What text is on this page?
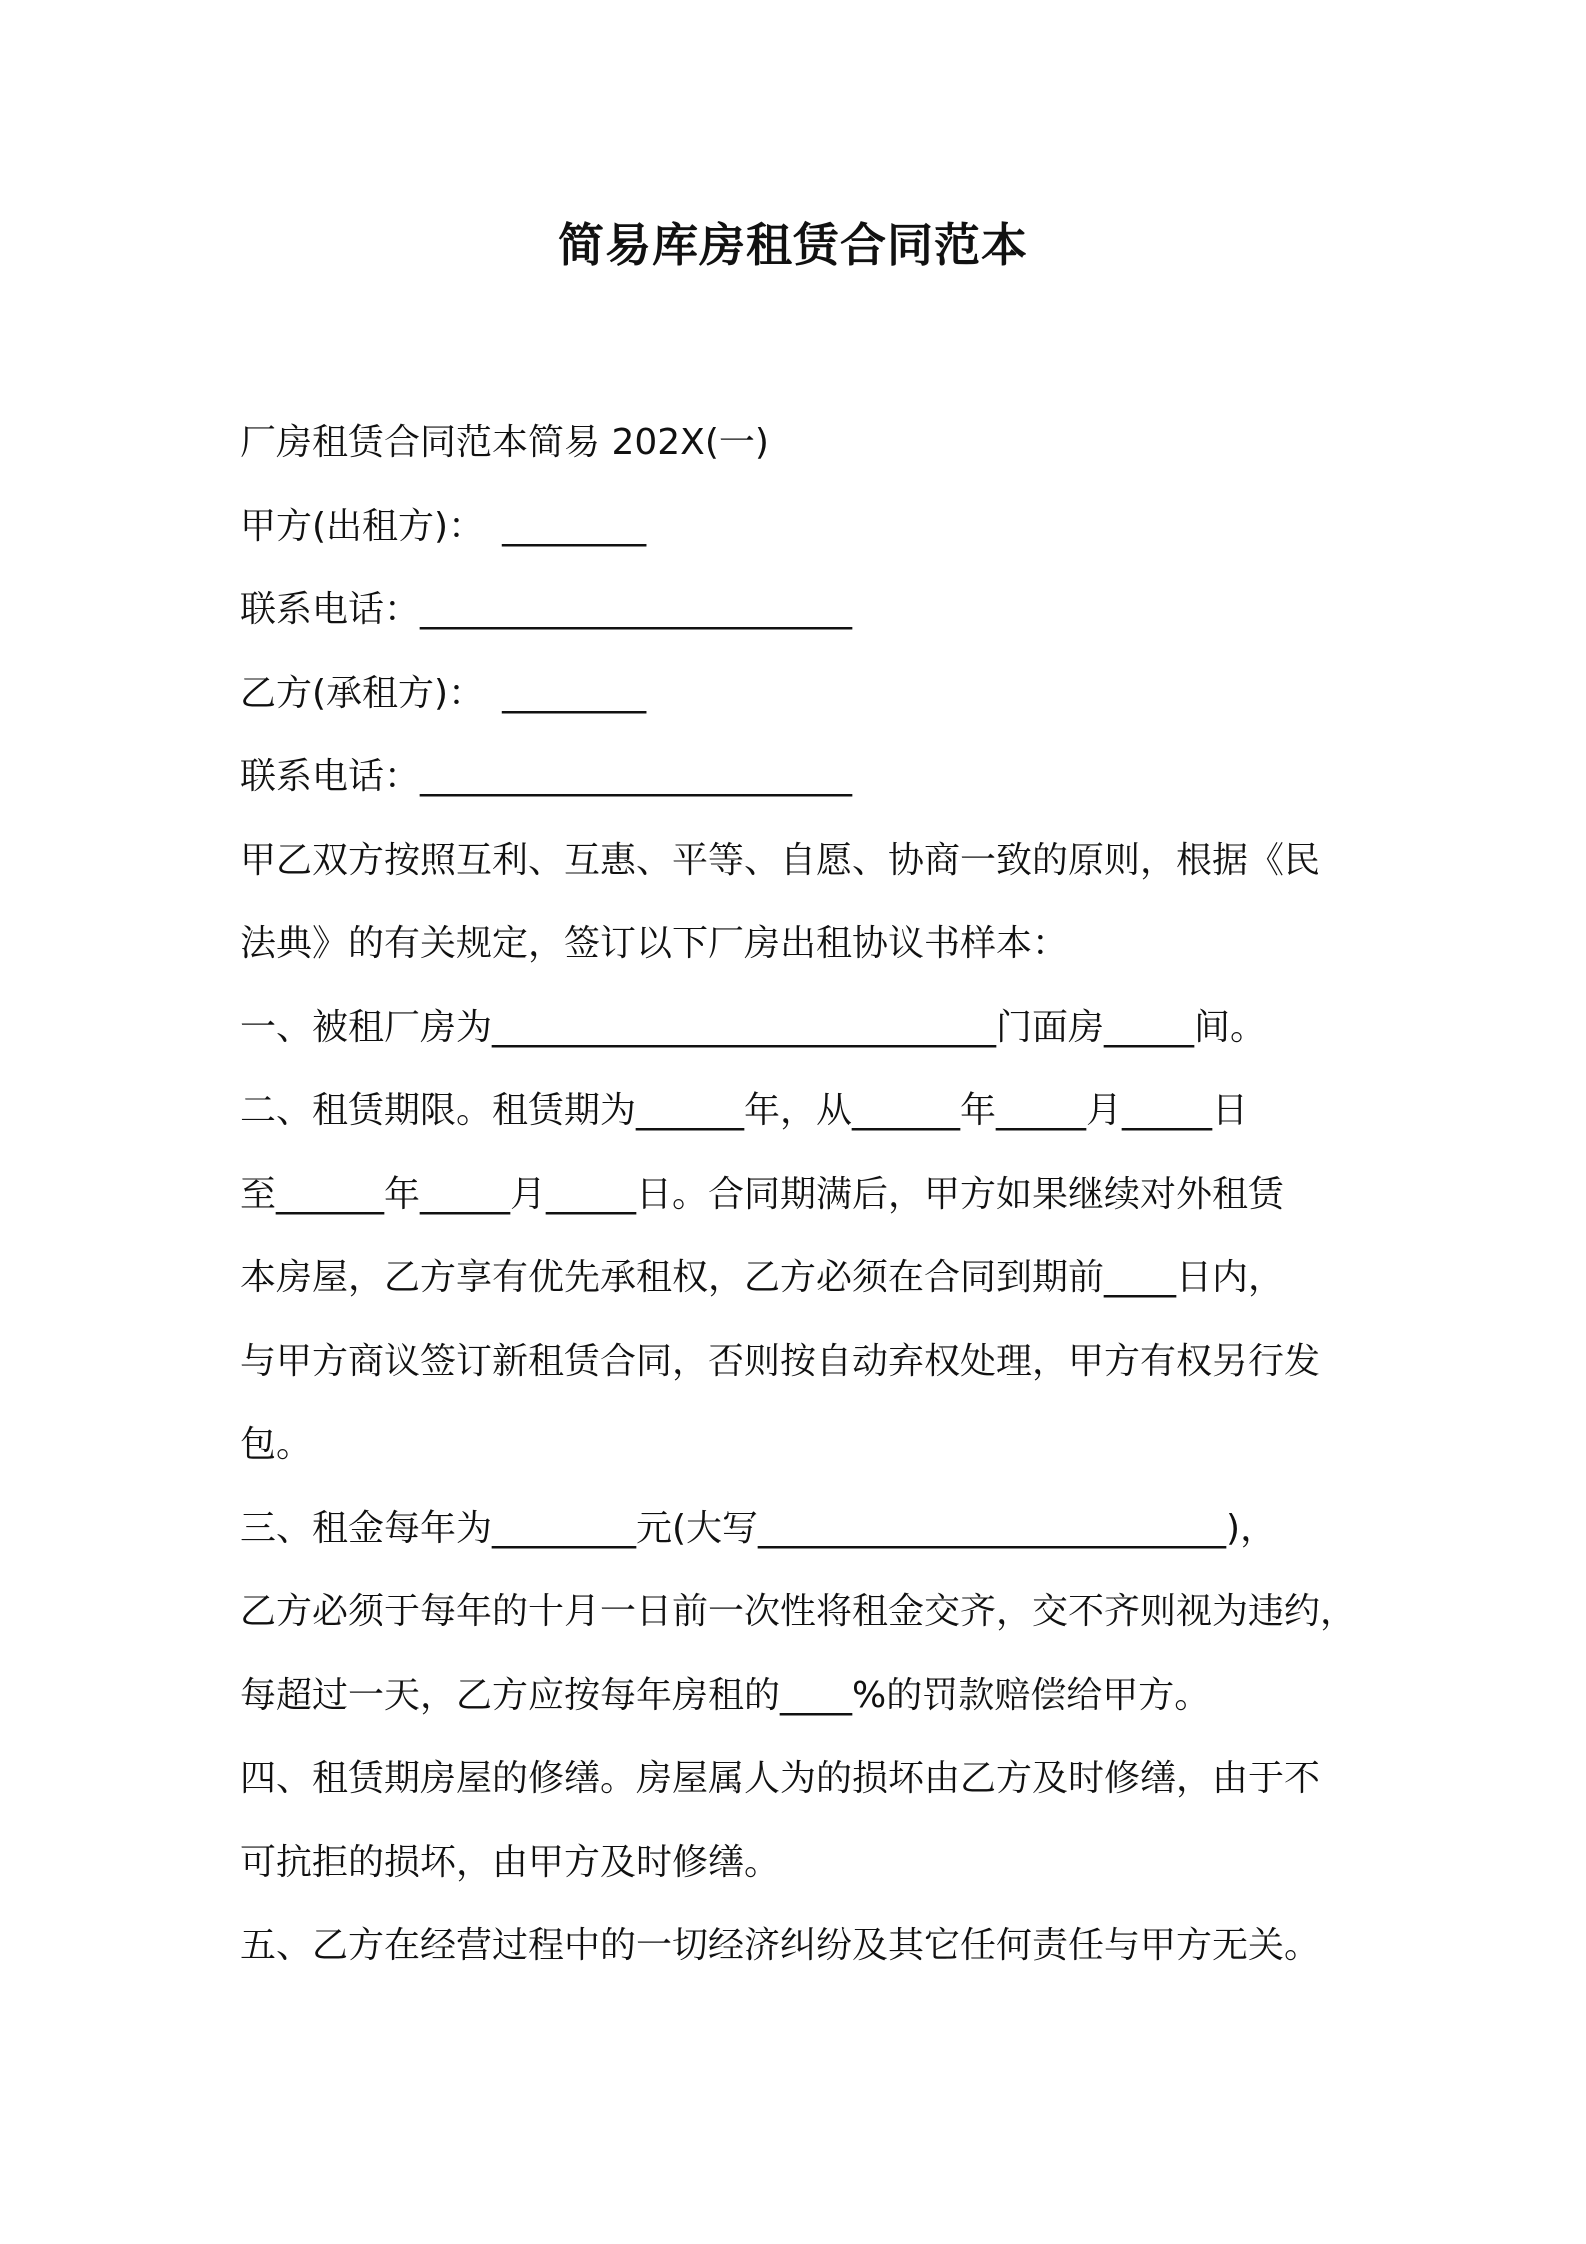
简易库房租赁合同范本

厂房租赁合同范本简易 202X(一)

甲方(出租方)：　________

联系电话：________________________

乙方(承租方)：　________

联系电话：________________________

甲乙双方按照互利、互惠、平等、自愿、协商一致的原则，根据《民

法典》的有关规定，签订以下厂房出租协议书样本：

一、被租厂房为____________________________门面房_____间。

二、租赁期限。租赁期为______年，从______年_____月_____日

至______年_____月_____日。合同期满后，甲方如果继续对外租赁

本房屋，乙方享有优先承租权，乙方必须在合同到期前____日内，

与甲方商议签订新租赁合同，否则按自动弃权处理，甲方有权另行发

包。

三、租金每年为________元(大写__________________________)，

乙方必须于每年的十月一日前一次性将租金交齐，交不齐则视为违约，

每超过一天，乙方应按每年房租的____%的罚款赔偿给甲方。

四、租赁期房屋的修缮。房屋属人为的损坏由乙方及时修缮，由于不

可抗拒的损坏，由甲方及时修缮。

五、乙方在经营过程中的一切经济纠纷及其它任何责任与甲方无关。
